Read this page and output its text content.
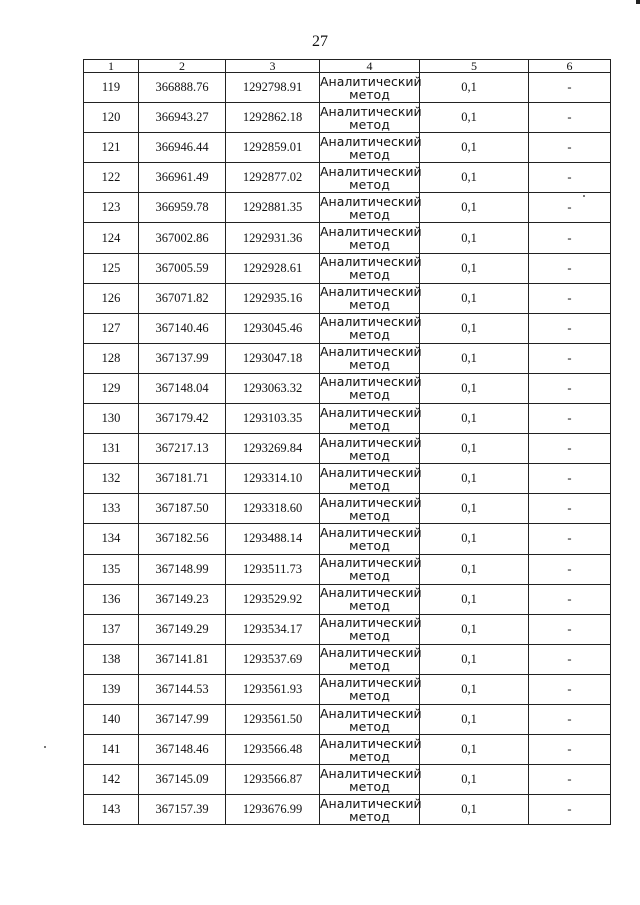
27
1	2	3	4	5	6
119	366888.76	1292798.91	Аналитический метод	0,1	-
120	366943.27	1292862.18	Аналитический метод	0,1	-
121	366946.44	1292859.01	Аналитический метод	0,1	-
122	366961.49	1292877.02	Аналитический метод	0,1	-
123	366959.78	1292881.35	Аналитический метод	0,1	-
124	367002.86	1292931.36	Аналитический метод	0,1	-
125	367005.59	1292928.61	Аналитический метод	0,1	-
126	367071.82	1292935.16	Аналитический метод	0,1	-
127	367140.46	1293045.46	Аналитический метод	0,1	-
128	367137.99	1293047.18	Аналитический метод	0,1	-
129	367148.04	1293063.32	Аналитический метод	0,1	-
130	367179.42	1293103.35	Аналитический метод	0,1	-
131	367217.13	1293269.84	Аналитический метод	0,1	-
132	367181.71	1293314.10	Аналитический метод	0,1	-
133	367187.50	1293318.60	Аналитический метод	0,1	-
134	367182.56	1293488.14	Аналитический метод	0,1	-
135	367148.99	1293511.73	Аналитический метод	0,1	-
136	367149.23	1293529.92	Аналитический метод	0,1	-
137	367149.29	1293534.17	Аналитический метод	0,1	-
138	367141.81	1293537.69	Аналитический метод	0,1	-
139	367144.53	1293561.93	Аналитический метод	0,1	-
140	367147.99	1293561.50	Аналитический метод	0,1	-
141	367148.46	1293566.48	Аналитический метод	0,1	-
142	367145.09	1293566.87	Аналитический метод	0,1	-
143	367157.39	1293676.99	Аналитический метод	0,1	-
